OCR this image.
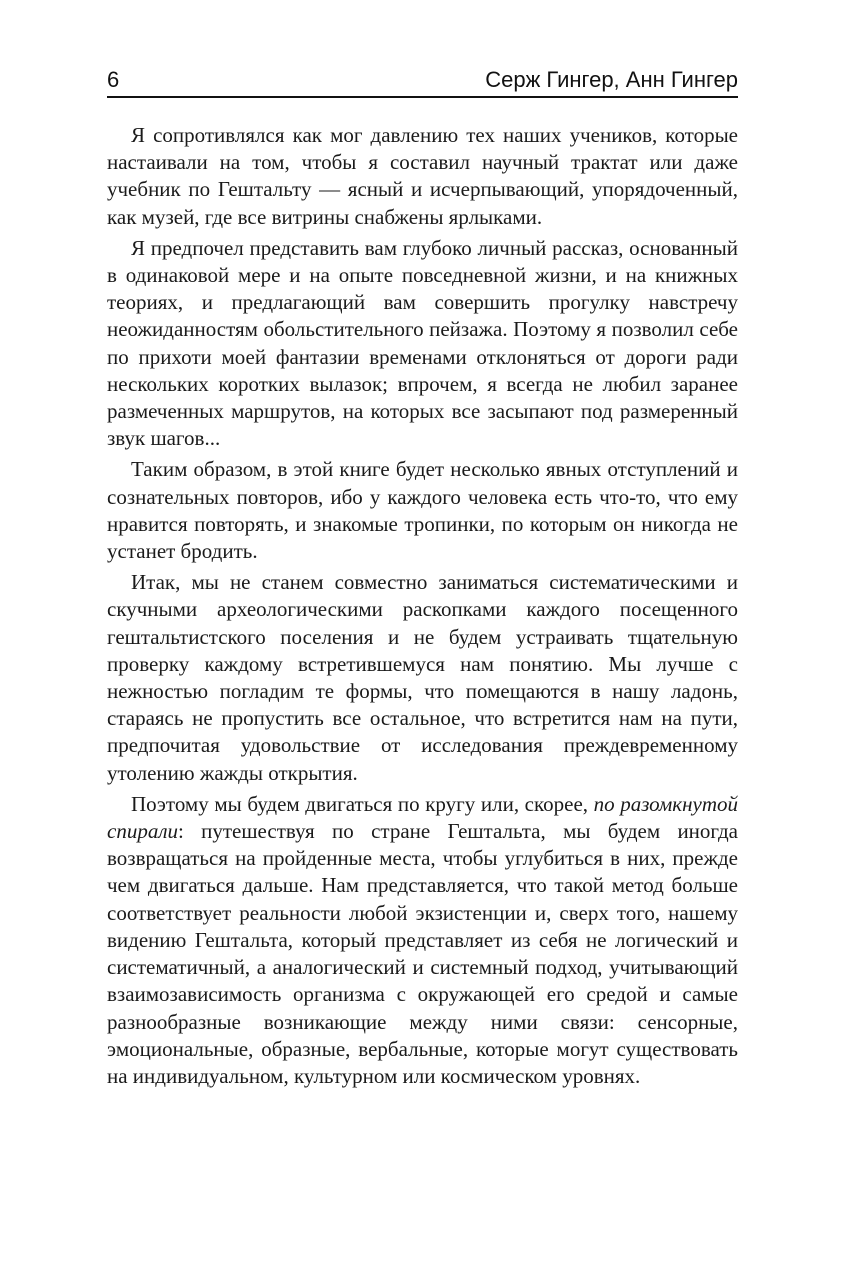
6	Серж Гингер, Анн Гингер

Я сопротивлялся как мог давлению тех наших учеников, которые настаивали на том, чтобы я составил научный трактат или даже учебник по Гештальту — ясный и исчерпывающий, упорядоченный, как музей, где все витрины снабжены ярлыками.

Я предпочел представить вам глубоко личный рассказ, основанный в одинаковой мере и на опыте повседневной жизни, и на книжных теориях, и предлагающий вам совершить прогулку навстречу неожиданностям обольстительного пейзажа. Поэтому я позволил себе по прихоти моей фантазии временами отклоняться от дороги ради нескольких коротких вылазок; впрочем, я всегда не любил заранее размеченных маршрутов, на которых все засыпают под размеренный звук шагов...

Таким образом, в этой книге будет несколько явных отступлений и сознательных повторов, ибо у каждого человека есть что-то, что ему нравится повторять, и знакомые тропинки, по которым он никогда не устанет бродить.

Итак, мы не станем совместно заниматься систематическими и скучными археологическими раскопками каждого посещенного гештальтистского поселения и не будем устраивать тщательную проверку каждому встретившемуся нам понятию. Мы лучше с нежностью погладим те формы, что помещаются в нашу ладонь, стараясь не пропустить все остальное, что встретится нам на пути, предпочитая удовольствие от исследования преждевременному утолению жажды открытия.

Поэтому мы будем двигаться по кругу или, скорее, по разомкнутой спирали: путешествуя по стране Гештальта, мы будем иногда возвращаться на пройденные места, чтобы углубиться в них, прежде чем двигаться дальше. Нам представляется, что такой метод больше соответствует реальности любой экзистенции и, сверх того, нашему видению Гештальта, который представляет из себя не логический и систематичный, а аналогический и системный подход, учитывающий взаимозависимость организма с окружающей его средой и самые разнообразные возникающие между ними связи: сенсорные, эмоциональные, образные, вербальные, которые могут существовать на индивидуальном, культурном или космическом уровнях.
